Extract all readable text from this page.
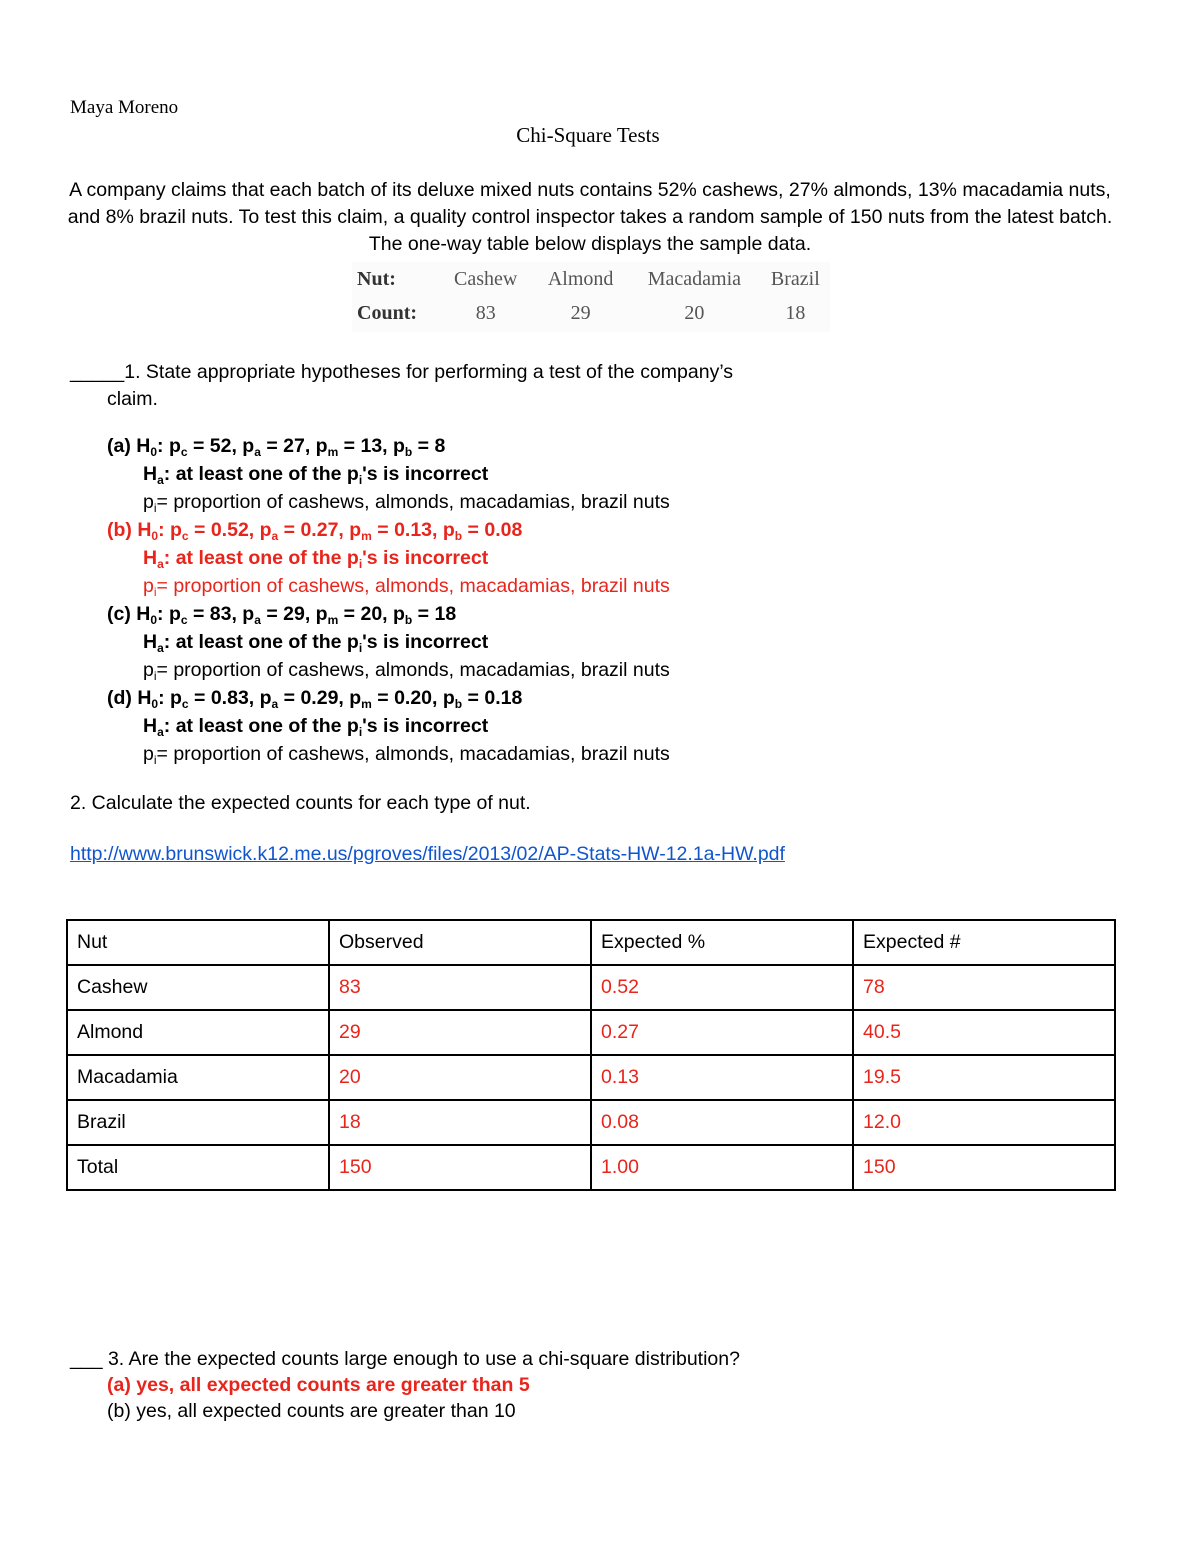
Maya Moreno
Chi-Square Tests
A company claims that each batch of its deluxe mixed nuts contains 52% cashews, 27% almonds, 13% macadamia nuts, and 8% brazil nuts. To test this claim, a quality control inspector takes a random sample of 150 nuts from the latest batch. The one-way table below displays the sample data.
Nut:	Cashew	Almond	Macadamia	Brazil
Count:	83	29	20	18
_____1. State appropriate hypotheses for performing a test of the company’s
claim.
(a) $H_0$: $p_c = 52$, $p_a = 27$, $p_m = 13$, $p_b = 8$
$H_a$: at least one of the $p_i's$ is incorrect
$p_i=$ proportion of cashews, almonds, macadamias, brazil nuts
(b) $H_0$: $p_c = 0.52$, $p_a = 0.27$, $p_m = 0.13$, $p_b = 0.08$
$H_a$: at least one of the $p_i's$ is incorrect
$p_i=$ proportion of cashews, almonds, macadamias, brazil nuts
(c) $H_0$: $p_c = 83$, $p_a = 29$, $p_m = 20$, $p_b = 18$
$H_a$: at least one of the $p_i's$ is incorrect
$p_i=$ proportion of cashews, almonds, macadamias, brazil nuts
(d) $H_0$: $p_c = 0.83$, $p_a = 0.29$, $p_m = 0.20$, $p_b = 0.18$
$H_a$: at least one of the $p_i's$ is incorrect
$p_i=$ proportion of cashews, almonds, macadamias, brazil nuts
2. Calculate the expected counts for each type of nut.
http://www.brunswick.k12.me.us/pgroves/files/2013/02/AP-Stats-HW-12.1a-HW.pdf
Nut	Observed	Expected %	Expected #
Cashew	83	0.52	78
Almond	29	0.27	40.5
Macadamia	20	0.13	19.5
Brazil	18	0.08	12.0
Total	150	1.00	150
___ 3. Are the expected counts large enough to use a chi-square distribution?
(a) yes, all expected counts are greater than 5
(b) yes, all expected counts are greater than 10
